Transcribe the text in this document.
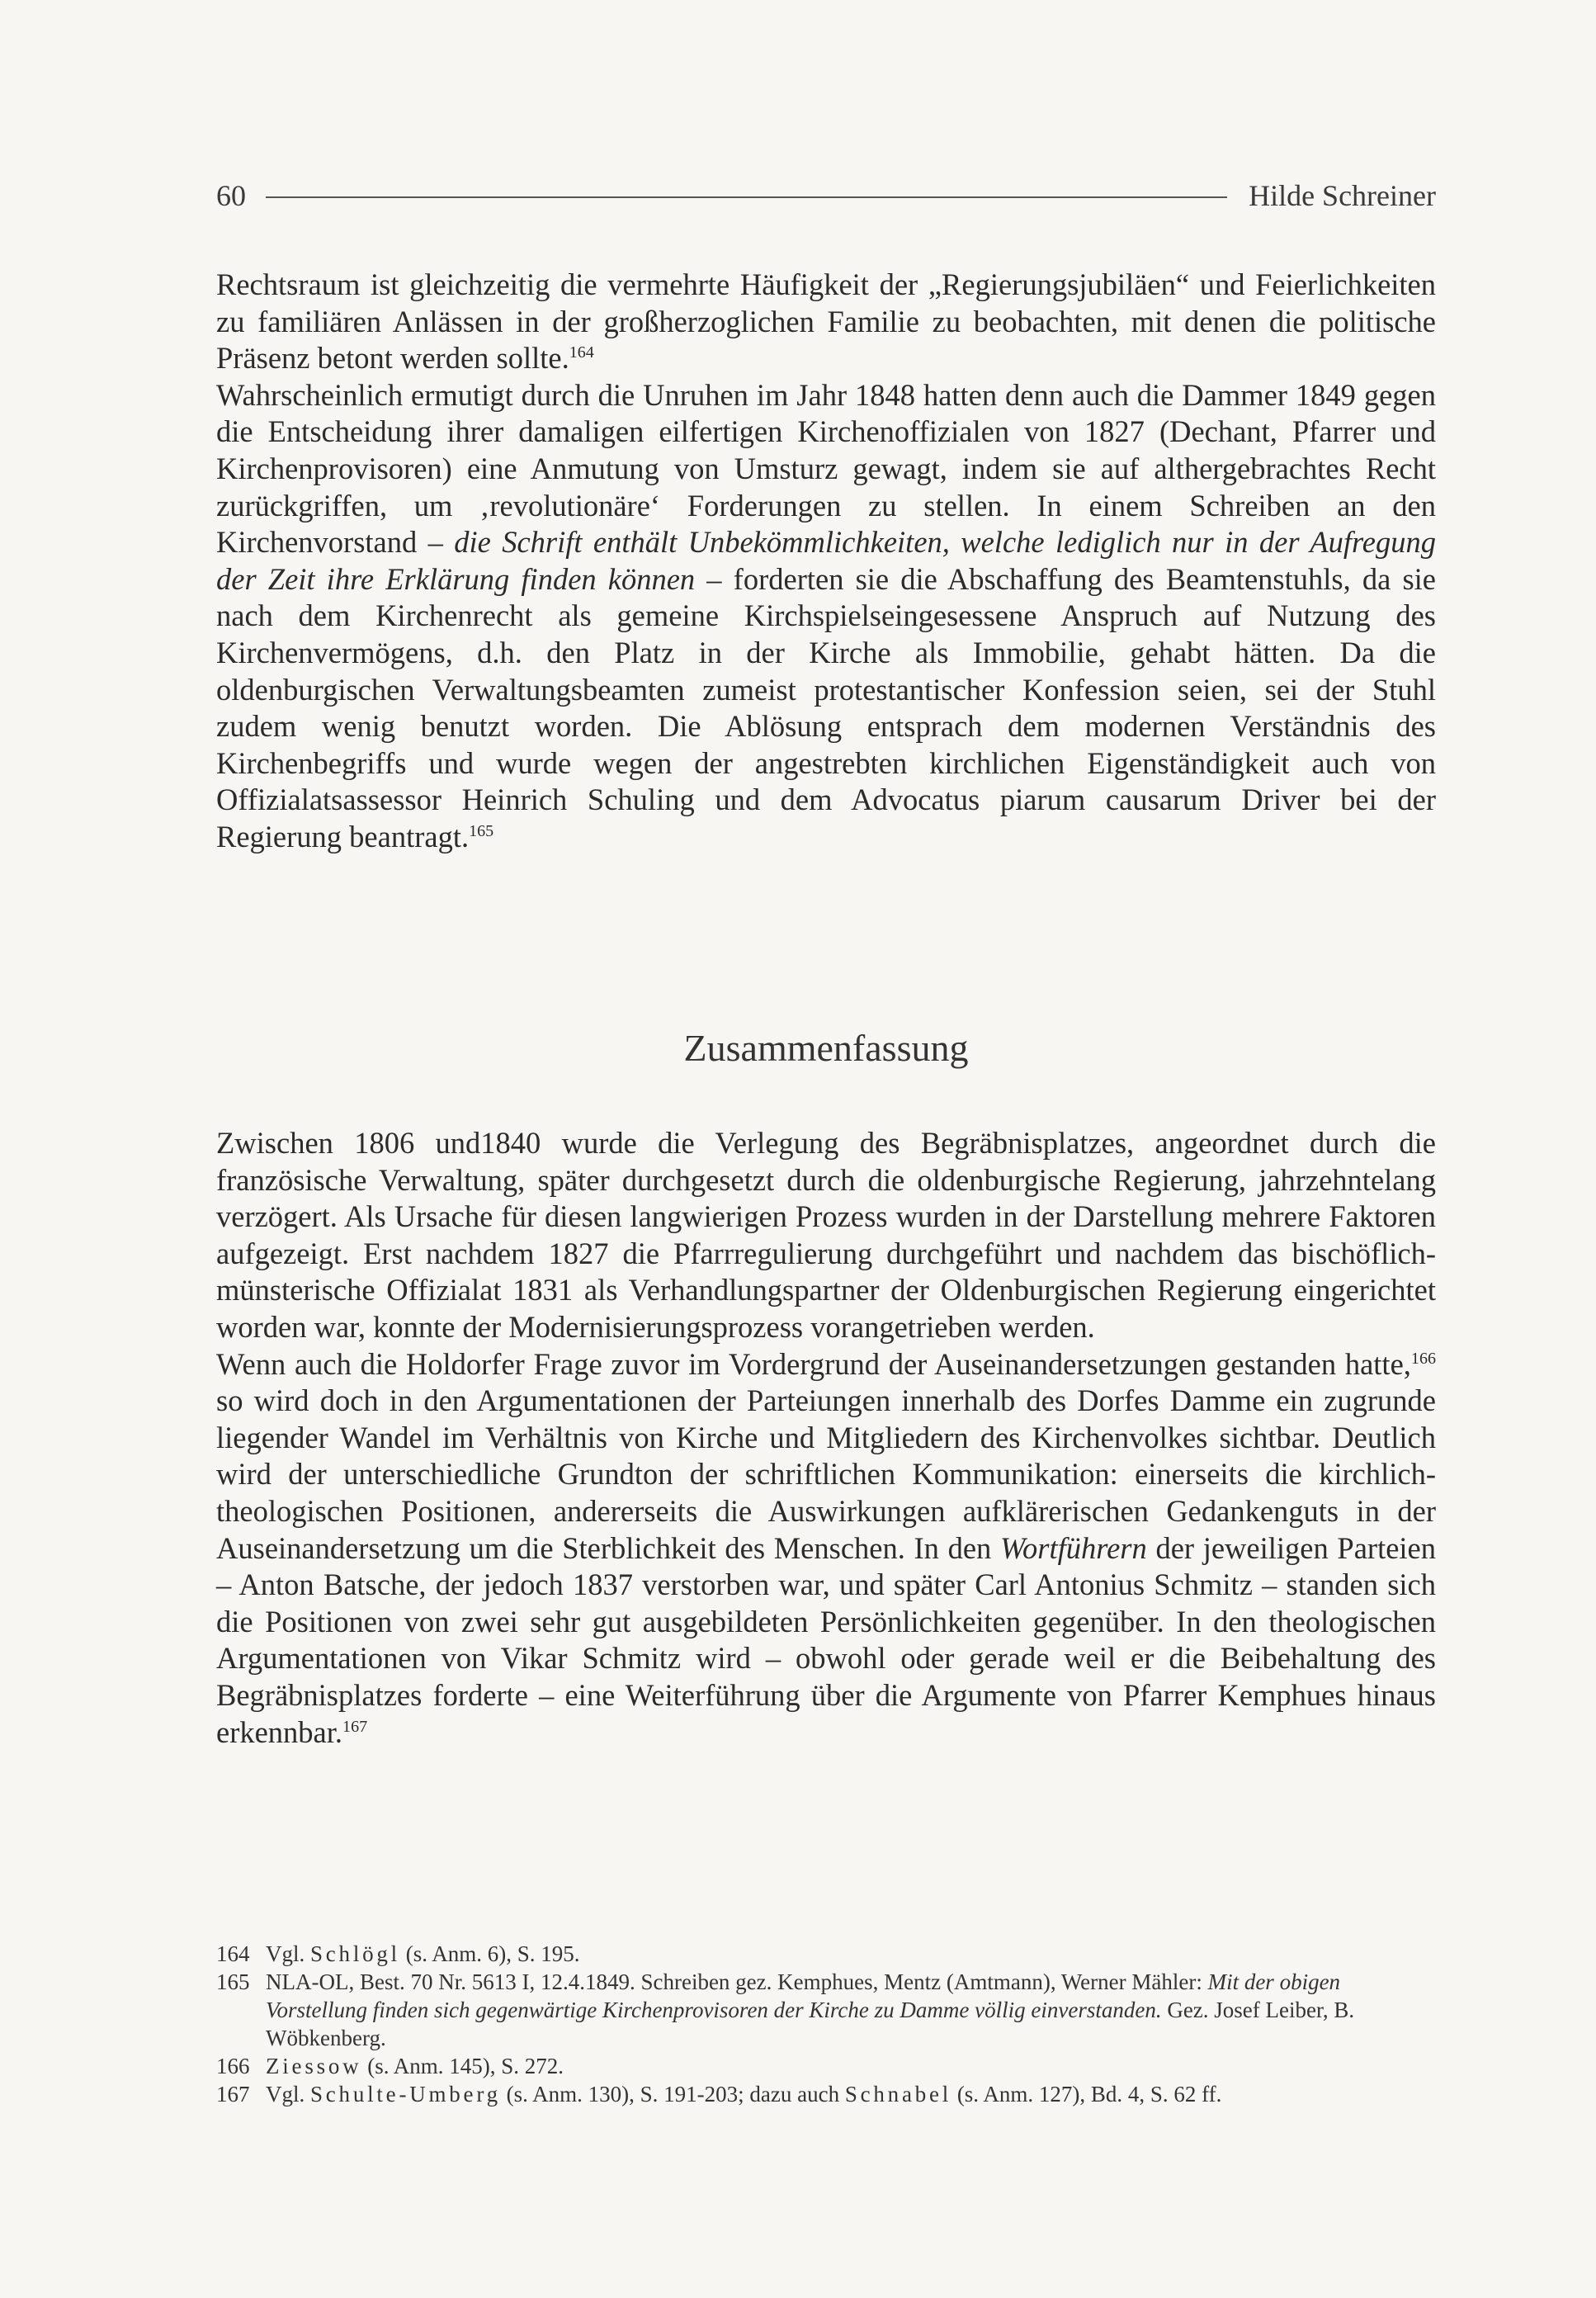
60	Hilde Schreiner

Rechtsraum ist gleichzeitig die vermehrte Häufigkeit der „Regierungsjubiläen“ und Feierlichkeiten zu familiären Anlässen in der großherzoglichen Familie zu beobachten, mit denen die politische Präsenz betont werden sollte.$^{164}$

Wahrscheinlich ermutigt durch die Unruhen im Jahr 1848 hatten denn auch die Dammer 1849 gegen die Entscheidung ihrer damaligen eilfertigen Kirchenoffizialen von 1827 (Dechant, Pfarrer und Kirchenprovisoren) eine Anmutung von Umsturz gewagt, indem sie auf althergebrachtes Recht zurückgriffen, um ‚revolutionäre‘ Forderungen zu stellen. In einem Schreiben an den Kirchenvorstand – die Schrift enthält Unbekömmlichkeiten, welche lediglich nur in der Aufregung der Zeit ihre Erklärung finden können – forderten sie die Abschaffung des Beamtenstuhls, da sie nach dem Kirchenrecht als gemeine Kirchspielseingesessene Anspruch auf Nutzung des Kirchenvermögens, d.h. den Platz in der Kirche als Immobilie, gehabt hätten. Da die oldenburgischen Verwaltungsbeamten zumeist protestantischer Konfession seien, sei der Stuhl zudem wenig benutzt worden. Die Ablösung entsprach dem modernen Verständnis des Kirchenbegriffs und wurde wegen der angestrebten kirchlichen Eigenständigkeit auch von Offizialatsassessor Heinrich Schuling und dem Advocatus piarum causarum Driver bei der Regierung beantragt.$^{165}$

Zusammenfassung

Zwischen 1806 und1840 wurde die Verlegung des Begräbnisplatzes, angeordnet durch die französische Verwaltung, später durchgesetzt durch die oldenburgische Regierung, jahrzehntelang verzögert. Als Ursache für diesen langwierigen Prozess wurden in der Darstellung mehrere Faktoren aufgezeigt. Erst nachdem 1827 die Pfarrregulierung durchgeführt und nachdem das bischöflich-münsterische Offizialat 1831 als Verhandlungspartner der Oldenburgischen Regierung eingerichtet worden war, konnte der Modernisierungsprozess vorangetrieben werden.

Wenn auch die Holdorfer Frage zuvor im Vordergrund der Auseinandersetzungen gestanden hatte,$^{166}$ so wird doch in den Argumentationen der Parteiungen innerhalb des Dorfes Damme ein zugrunde liegender Wandel im Verhältnis von Kirche und Mitgliedern des Kirchenvolkes sichtbar. Deutlich wird der unterschiedliche Grundton der schriftlichen Kommunikation: einerseits die kirchlich-theologischen Positionen, andererseits die Auswirkungen aufklärerischen Gedankenguts in der Auseinandersetzung um die Sterblichkeit des Menschen. In den Wortführern der jeweiligen Parteien – Anton Batsche, der jedoch 1837 verstorben war, und später Carl Antonius Schmitz – standen sich die Positionen von zwei sehr gut ausgebildeten Persönlichkeiten gegenüber. In den theologischen Argumentationen von Vikar Schmitz wird – obwohl oder gerade weil er die Beibehaltung des Begräbnisplatzes forderte – eine Weiterführung über die Argumente von Pfarrer Kemphues hinaus erkennbar.$^{167}$

164 Vgl. Schlögl (s. Anm. 6), S. 195.
165 NLA-OL, Best. 70 Nr. 5613 I, 12.4.1849. Schreiben gez. Kemphues, Mentz (Amtmann), Werner Mähler: Mit der obigen Vorstellung finden sich gegenwärtige Kirchenprovisoren der Kirche zu Damme völlig einverstanden. Gez. Josef Leiber, B. Wöbkenberg.
166 Ziessow (s. Anm. 145), S. 272.
167 Vgl. Schulte-Umberg (s. Anm. 130), S. 191-203; dazu auch Schnabel (s. Anm. 127), Bd. 4, S. 62 ff.
